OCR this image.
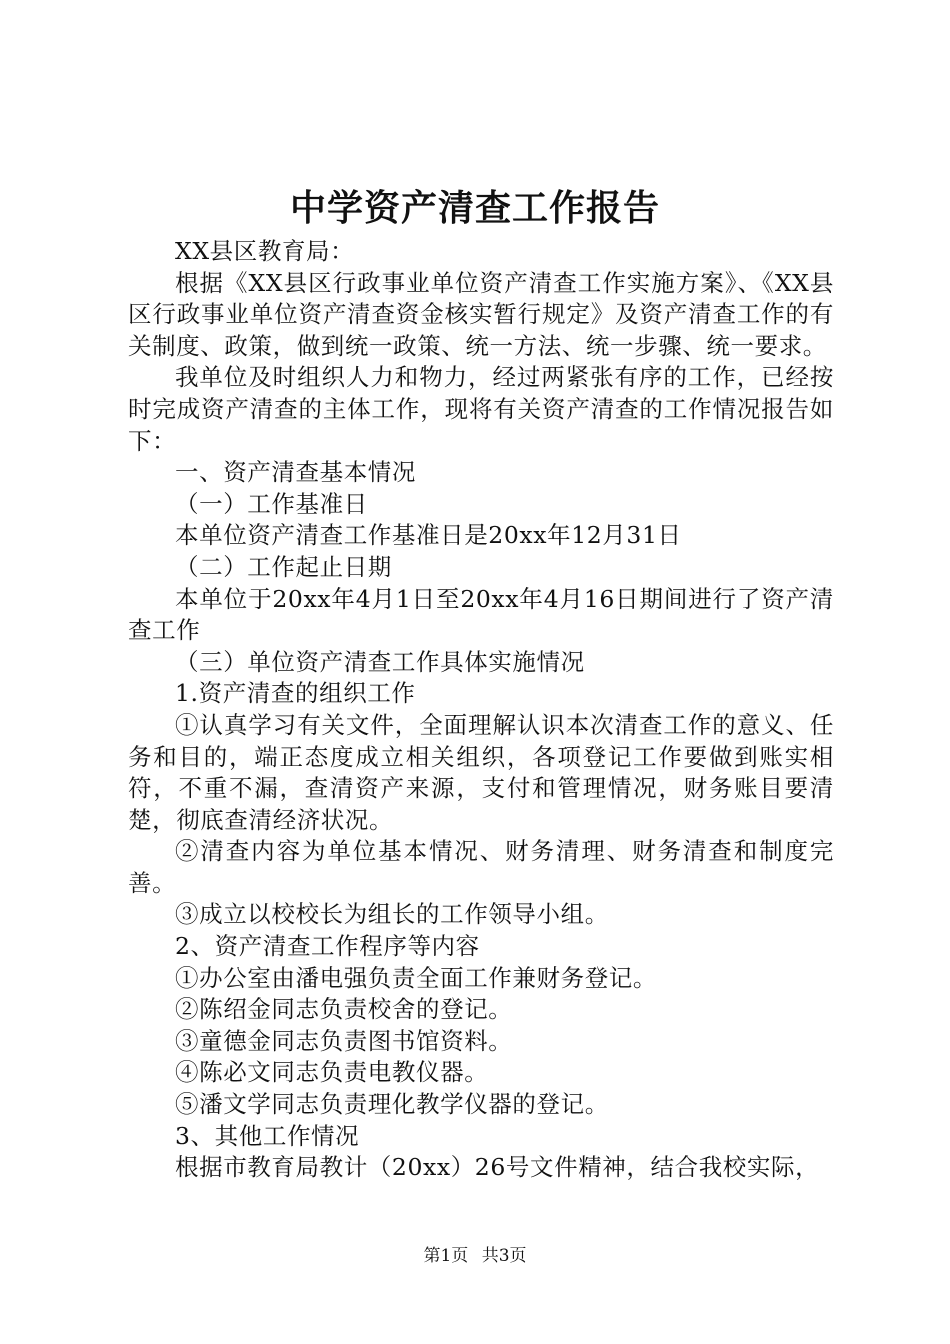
中学资产清查工作报告

XX县区教育局：

根据《XX县区行政事业单位资产清查工作实施方案》、《XX县区行政事业单位资产清查资金核实暂行规定》及资产清查工作的有关制度、政策，做到统一政策、统一方法、统一步骤、统一要求。

我单位及时组织人力和物力，经过两紧张有序的工作，已经按时完成资产清查的主体工作，现将有关资产清查的工作情况报告如下：

一、资产清查基本情况

（一）工作基准日

本单位资产清查工作基准日是20xx年12月31日

（二）工作起止日期

本单位于20xx年4月1日至20xx年4月16日期间进行了资产清查工作

（三）单位资产清查工作具体实施情况

1.资产清查的组织工作

①认真学习有关文件，全面理解认识本次清查工作的意义、任务和目的，端正态度成立相关组织，各项登记工作要做到账实相符，不重不漏，查清资产来源，支付和管理情况，财务账目要清楚，彻底查清经济状况。

②清查内容为单位基本情况、财务清理、财务清查和制度完善。

③成立以校校长为组长的工作领导小组。

2、资产清查工作程序等内容

①办公室由潘电强负责全面工作兼财务登记。

②陈绍金同志负责校舍的登记。

③童德金同志负责图书馆资料。

④陈必文同志负责电教仪器。

⑤潘文学同志负责理化教学仪器的登记。

3、其他工作情况

根据市教育局教计（20xx）26号文件精神，结合我校实际，

第1页 共3页
